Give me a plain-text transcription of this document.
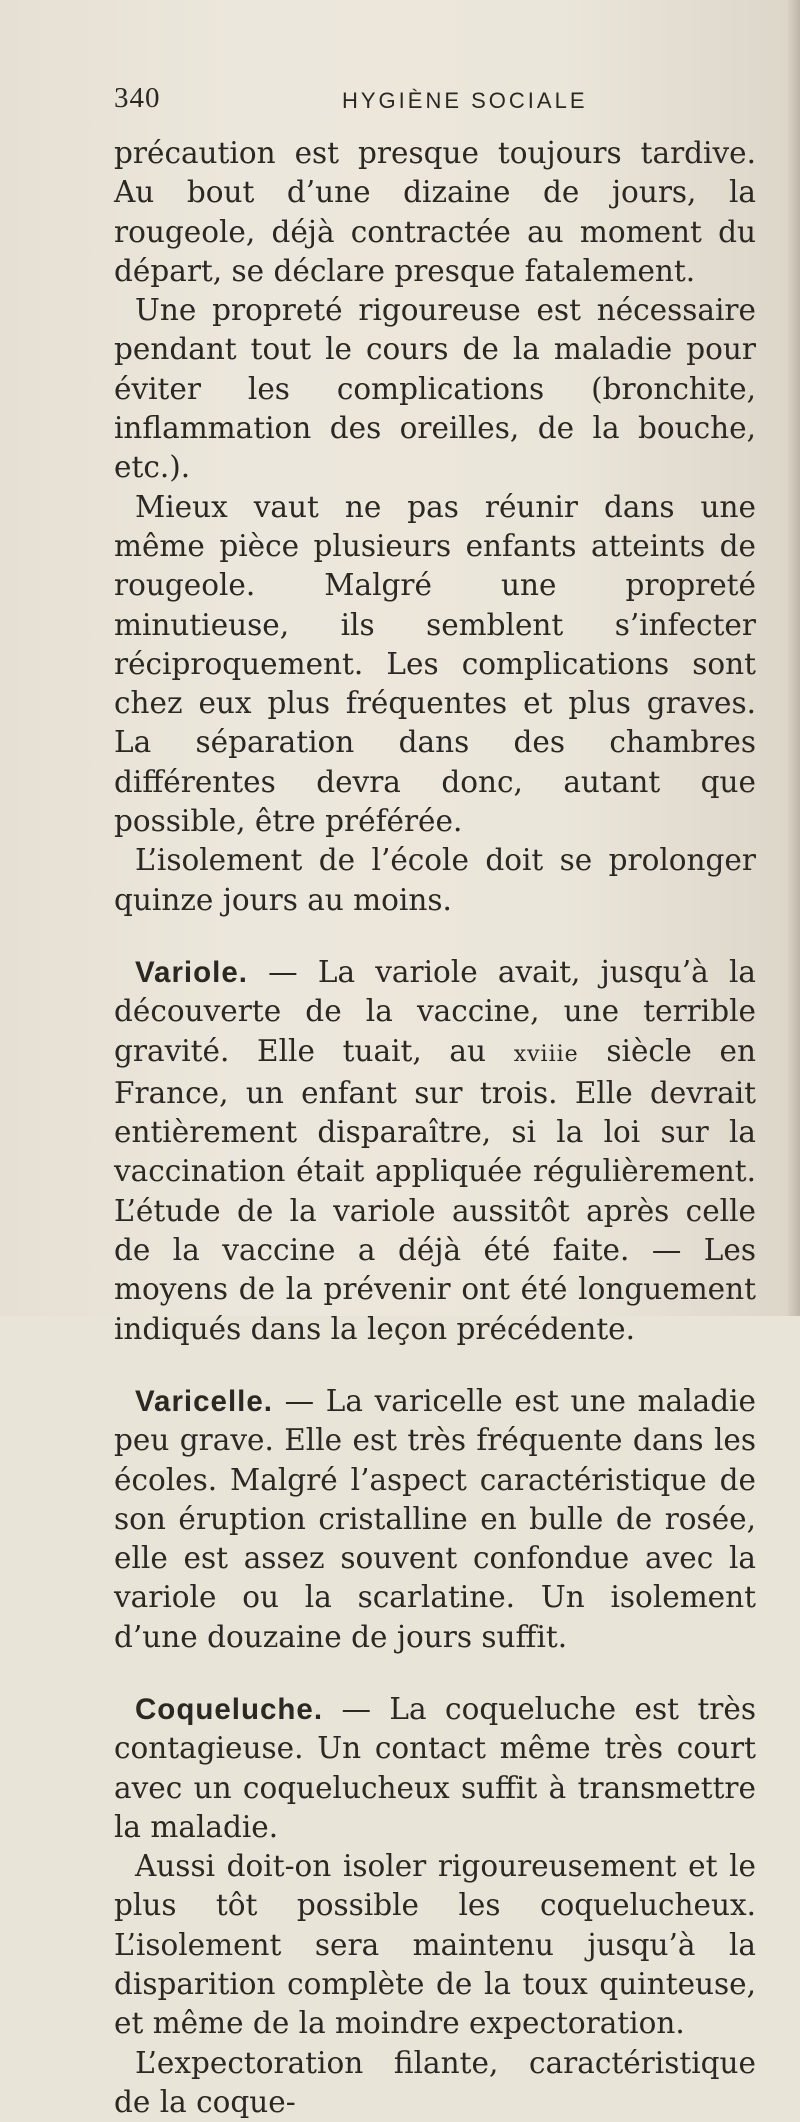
340	HYGIÈNE SOCIALE

précaution est presque toujours tardive. Au bout d’une dizaine de jours, la rougeole, déjà contractée au moment du départ, se déclare presque fatalement.

Une propreté rigoureuse est nécessaire pendant tout le cours de la maladie pour éviter les complications (bronchite, inflammation des oreilles, de la bouche, etc.).

Mieux vaut ne pas réunir dans une même pièce plusieurs enfants atteints de rougeole. Malgré une propreté minutieuse, ils semblent s’infecter réciproquement. Les complications sont chez eux plus fréquentes et plus graves. La séparation dans des chambres différentes devra donc, autant que possible, être préférée.

L’isolement de l’école doit se prolonger quinze jours au moins.

Variole. — La variole avait, jusqu’à la découverte de la vaccine, une terrible gravité. Elle tuait, au xviiie siècle en France, un enfant sur trois. Elle devrait entièrement disparaître, si la loi sur la vaccination était appliquée régulièrement. L’étude de la variole aussitôt après celle de la vaccine a déjà été faite. — Les moyens de la prévenir ont été longuement indiqués dans la leçon précédente.

Varicelle. — La varicelle est une maladie peu grave. Elle est très fréquente dans les écoles. Malgré l’aspect caractéristique de son éruption cristalline en bulle de rosée, elle est assez souvent confondue avec la variole ou la scarlatine. Un isolement d’une douzaine de jours suffit.

Coqueluche. — La coqueluche est très contagieuse. Un contact même très court avec un coquelucheux suffit à transmettre la maladie.

Aussi doit-on isoler rigoureusement et le plus tôt possible les coquelucheux. L’isolement sera maintenu jusqu’à la disparition complète de la toux quinteuse, et même de la moindre expectoration.

L’expectoration filante, caractéristique de la coque-
